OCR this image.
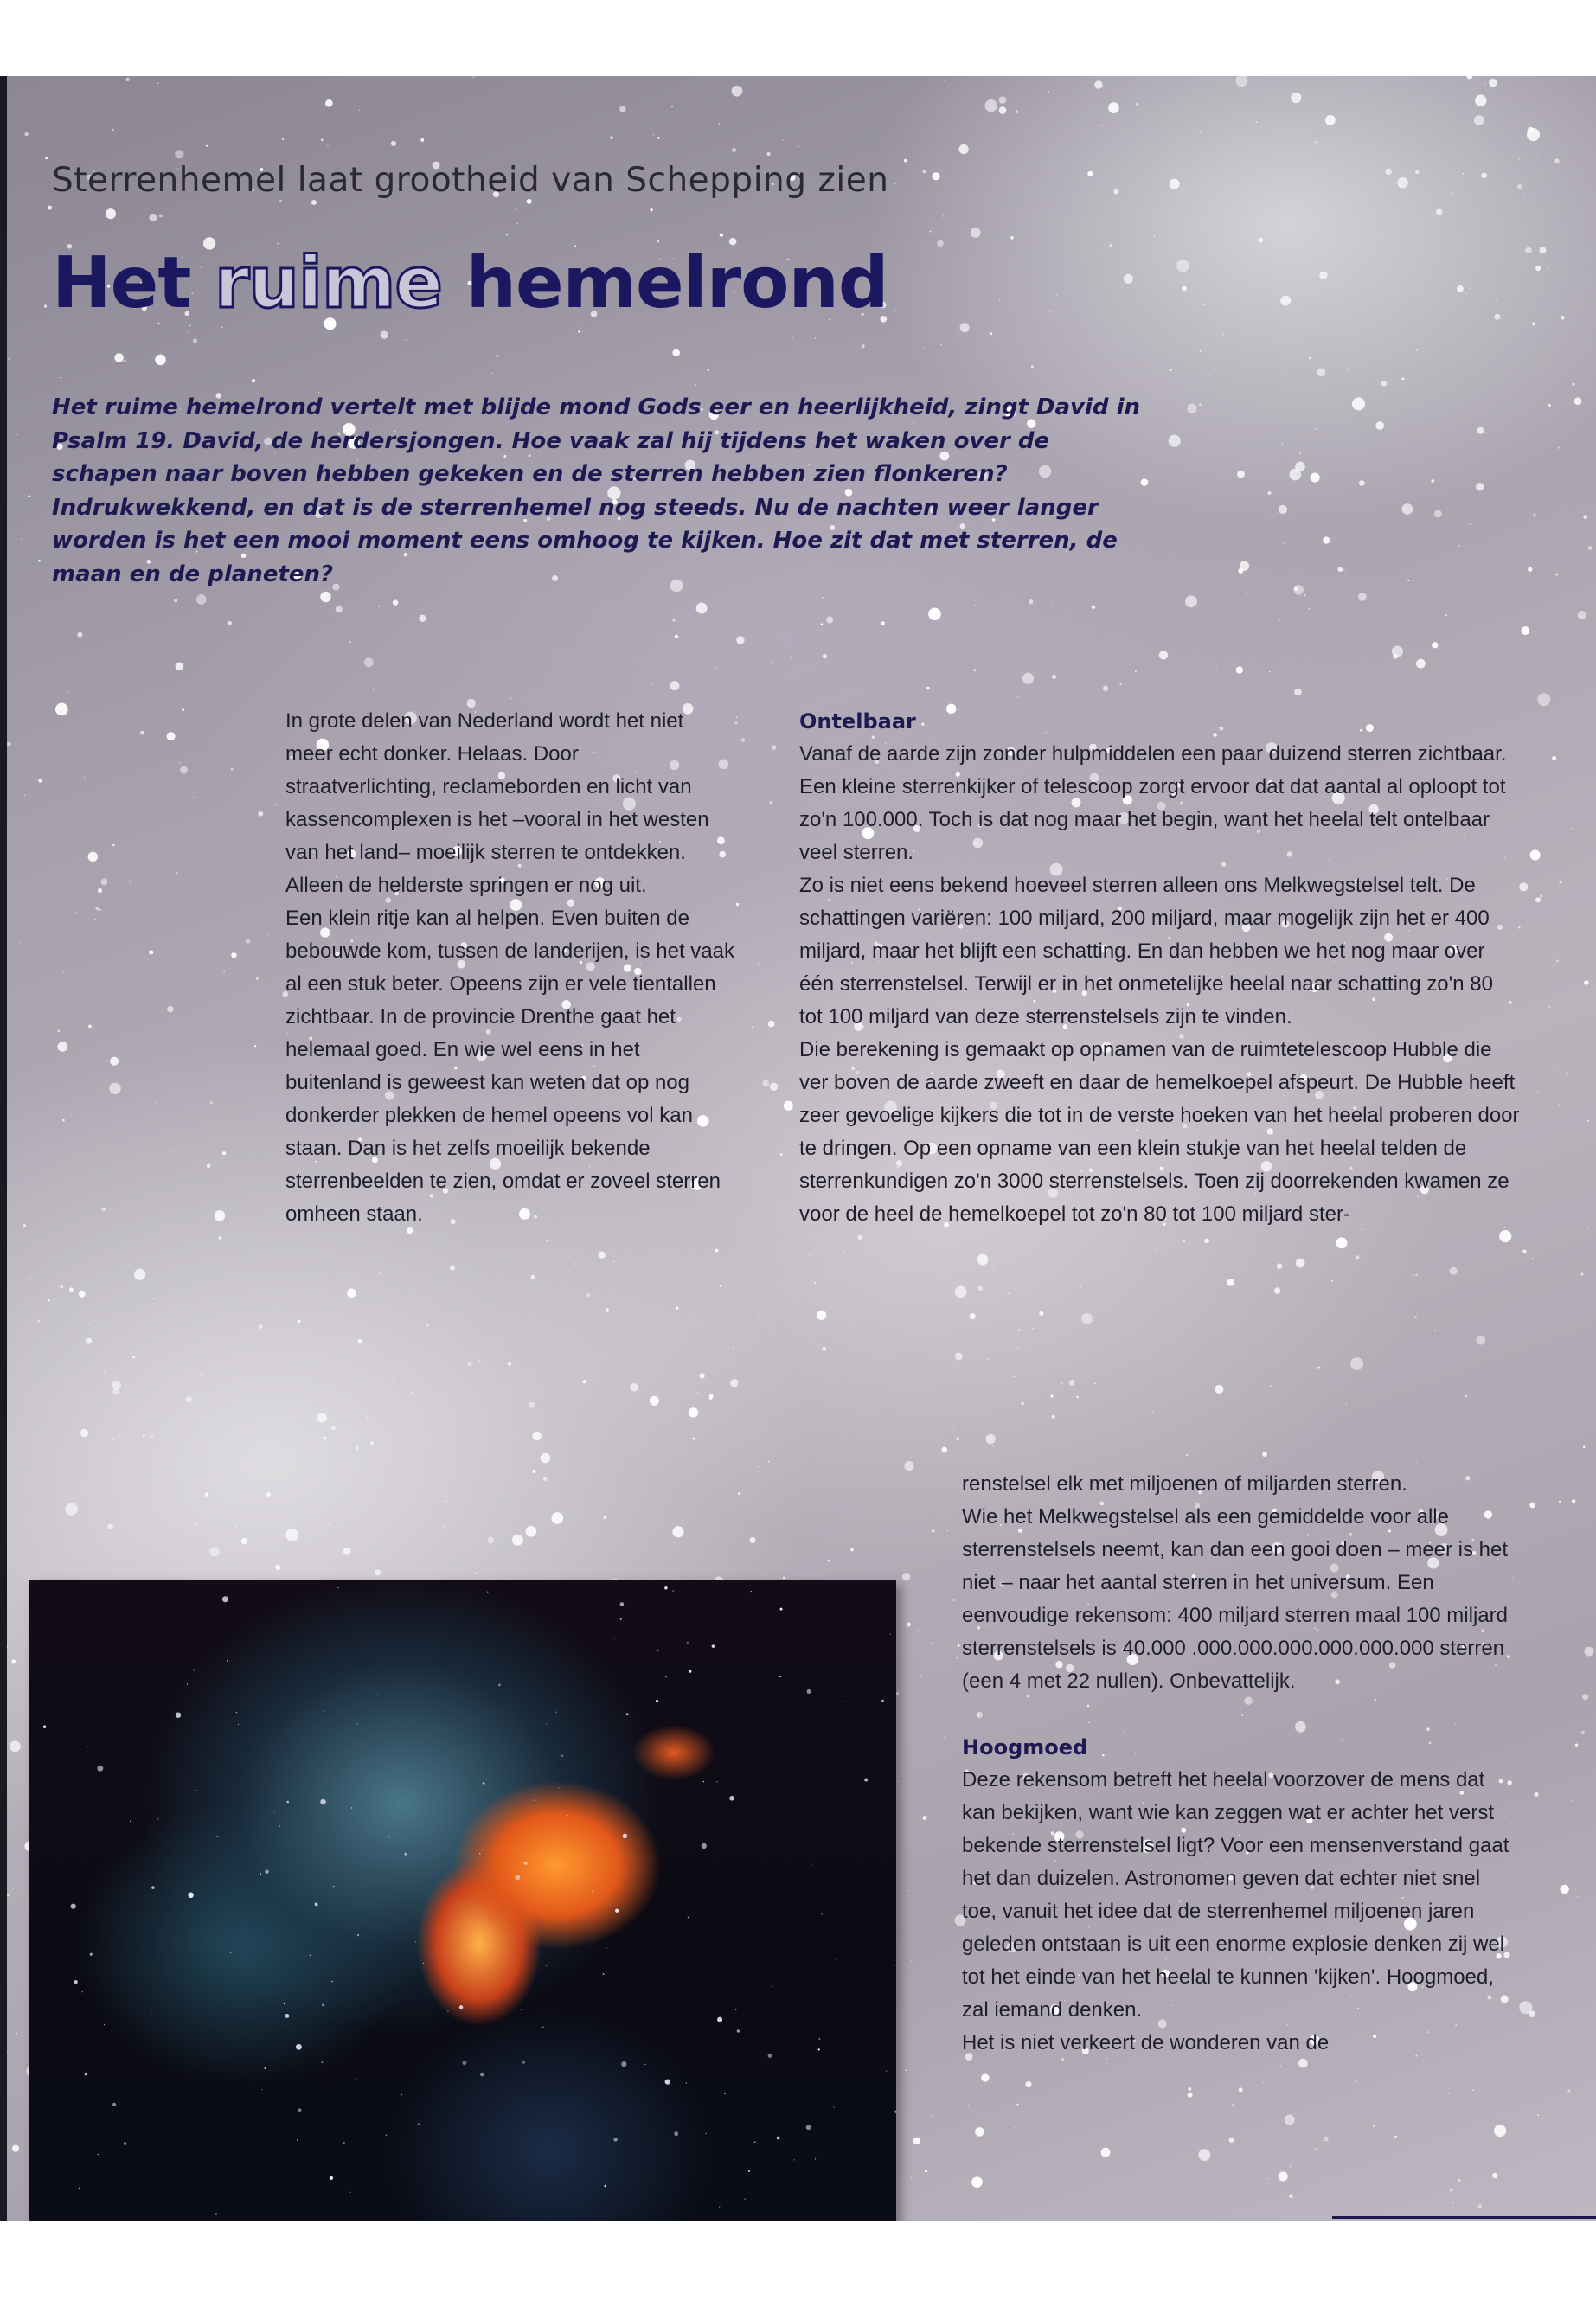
Sterrenhemel laat grootheid van Schepping zien
Het ruime hemelrond

Het ruime hemelrond vertelt met blijde mond Gods eer en heerlijkheid, zingt David in Psalm 19. David, de herdersjongen. Hoe vaak zal hij tijdens het waken over de schapen naar boven hebben gekeken en de sterren hebben zien flonkeren? Indrukwekkend, en dat is de sterrenhemel nog steeds. Nu de nachten weer langer worden is het een mooi moment eens omhoog te kijken. Hoe zit dat met sterren, de maan en de planeten?

In grote delen van Nederland wordt het niet meer echt donker. Helaas. Door straatverlichting, reclameborden en licht van kassencomplexen is het –vooral in het westen van het land– moeilijk sterren te ontdekken. Alleen de helderste springen er nog uit.

Een klein ritje kan al helpen. Even buiten de bebouwde kom, tussen de landerijen, is het vaak al een stuk beter. Opeens zijn er vele tientallen zichtbaar. In de provincie Drenthe gaat het helemaal goed. En wie wel eens in het buitenland is geweest kan weten dat op nog donkerder plekken de hemel opeens vol kan staan. Dan is het zelfs moeilijk bekende sterrenbeelden te zien, omdat er zoveel sterren omheen staan.

Ontelbaar

Vanaf de aarde zijn zonder hulpmiddelen een paar duizend sterren zichtbaar. Een kleine sterrenkijker of telescoop zorgt ervoor dat dat aantal al oploopt tot zo'n 100.000. Toch is dat nog maar het begin, want het heelal telt ontelbaar veel sterren.

Zo is niet eens bekend hoeveel sterren alleen ons Melkwegstelsel telt. De schattingen variëren: 100 miljard, 200 miljard, maar mogelijk zijn het er 400 miljard, maar het blijft een schatting. En dan hebben we het nog maar over één sterrenstelsel. Terwijl er in het onmetelijke heelal naar schatting zo'n 80 tot 100 miljard van deze sterrenstelsels zijn te vinden.

Die berekening is gemaakt op opnamen van de ruimtetelescoop Hubble die ver boven de aarde zweeft en daar de hemelkoepel afspeurt. De Hubble heeft zeer gevoelige kijkers die tot in de verste hoeken van het heelal proberen door te dringen. Op een opname van een klein stukje van het heelal telden de sterrenkundigen zo'n 3000 sterrenstelsels. Toen zij doorrekenden kwamen ze voor de heel de hemelkoepel tot zo'n 80 tot 100 miljard ster-

renstelsel elk met miljoenen of miljarden sterren.

Wie het Melkwegstelsel als een gemiddelde voor alle sterrenstelsels neemt, kan dan een gooi doen – meer is het niet – naar het aantal sterren in het universum. Een eenvoudige rekensom: 400 miljard sterren maal 100 miljard sterrenstelsels is 40.000 .000.000.000.000.000.000 sterren (een 4 met 22 nullen). Onbevattelijk.

Hoogmoed

Deze rekensom betreft het heelal voorzover de mens dat kan bekijken, want wie kan zeggen wat er achter het verst bekende sterrenstelsel ligt? Voor een mensenverstand gaat het dan duizelen. Astronomen geven dat echter niet snel toe, vanuit het idee dat de sterrenhemel miljoenen jaren geleden ontstaan is uit een enorme explosie denken zij wel tot het einde van het heelal te kunnen 'kijken'. Hoogmoed, zal iemand denken.

Het is niet verkeert de wonderen van de
